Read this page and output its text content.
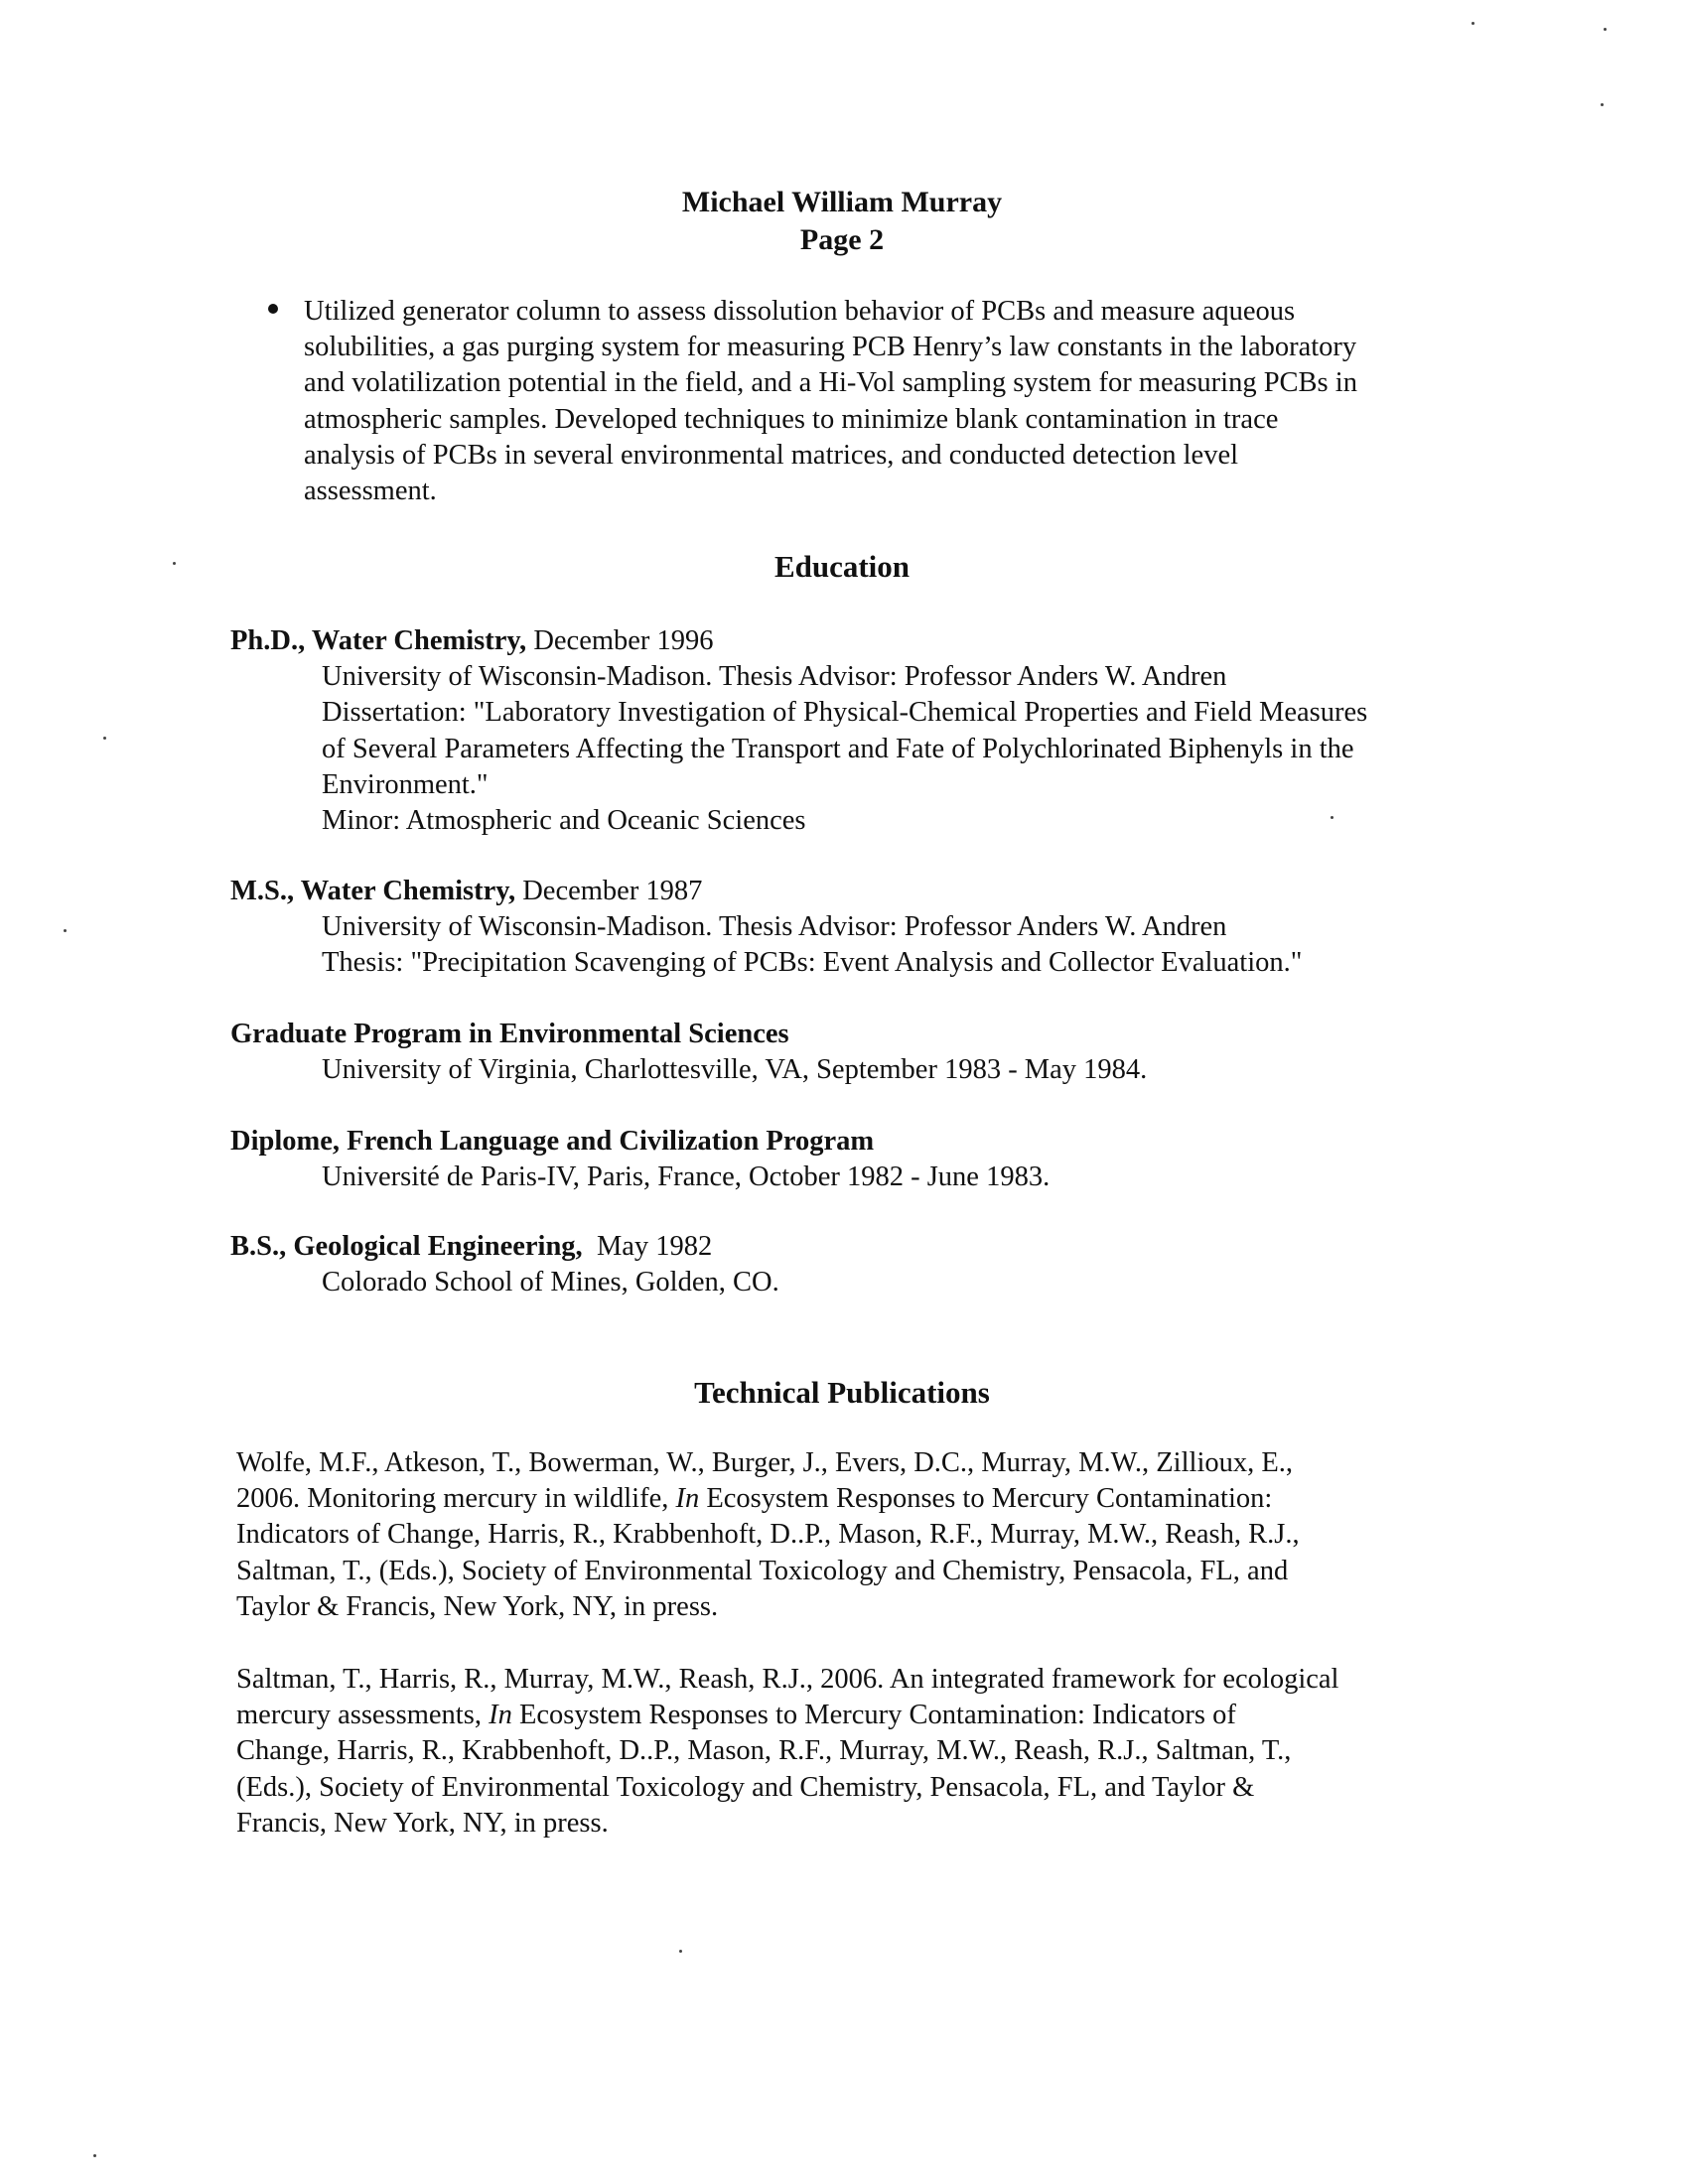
Michael William Murray
Page 2
Utilized generator column to assess dissolution behavior of PCBs and measure aqueous
solubilities, a gas purging system for measuring PCB Henry’s law constants in the laboratory
and volatilization potential in the field, and a Hi-Vol sampling system for measuring PCBs in
atmospheric samples. Developed techniques to minimize blank contamination in trace
analysis of PCBs in several environmental matrices, and conducted detection level
assessment.
Education
Ph.D., Water Chemistry, December 1996
University of Wisconsin-Madison. Thesis Advisor: Professor Anders W. Andren
Dissertation: "Laboratory Investigation of Physical-Chemical Properties and Field Measures
of Several Parameters Affecting the Transport and Fate of Polychlorinated Biphenyls in the
Environment."
Minor: Atmospheric and Oceanic Sciences
M.S., Water Chemistry, December 1987
University of Wisconsin-Madison. Thesis Advisor: Professor Anders W. Andren
Thesis: "Precipitation Scavenging of PCBs: Event Analysis and Collector Evaluation."
Graduate Program in Environmental Sciences
University of Virginia, Charlottesville, VA, September 1983 - May 1984.
Diplome, French Language and Civilization Program
Université de Paris-IV, Paris, France, October 1982 - June 1983.
B.S., Geological Engineering,  May 1982
Colorado School of Mines, Golden, CO.
Technical Publications
Wolfe, M.F., Atkeson, T., Bowerman, W., Burger, J., Evers, D.C., Murray, M.W., Zillioux, E.,
2006. Monitoring mercury in wildlife, In Ecosystem Responses to Mercury Contamination:
Indicators of Change, Harris, R., Krabbenhoft, D..P., Mason, R.F., Murray, M.W., Reash, R.J.,
Saltman, T., (Eds.), Society of Environmental Toxicology and Chemistry, Pensacola, FL, and
Taylor & Francis, New York, NY, in press.
Saltman, T., Harris, R., Murray, M.W., Reash, R.J., 2006. An integrated framework for ecological
mercury assessments, In Ecosystem Responses to Mercury Contamination: Indicators of
Change, Harris, R., Krabbenhoft, D..P., Mason, R.F., Murray, M.W., Reash, R.J., Saltman, T.,
(Eds.), Society of Environmental Toxicology and Chemistry, Pensacola, FL, and Taylor &
Francis, New York, NY, in press.
